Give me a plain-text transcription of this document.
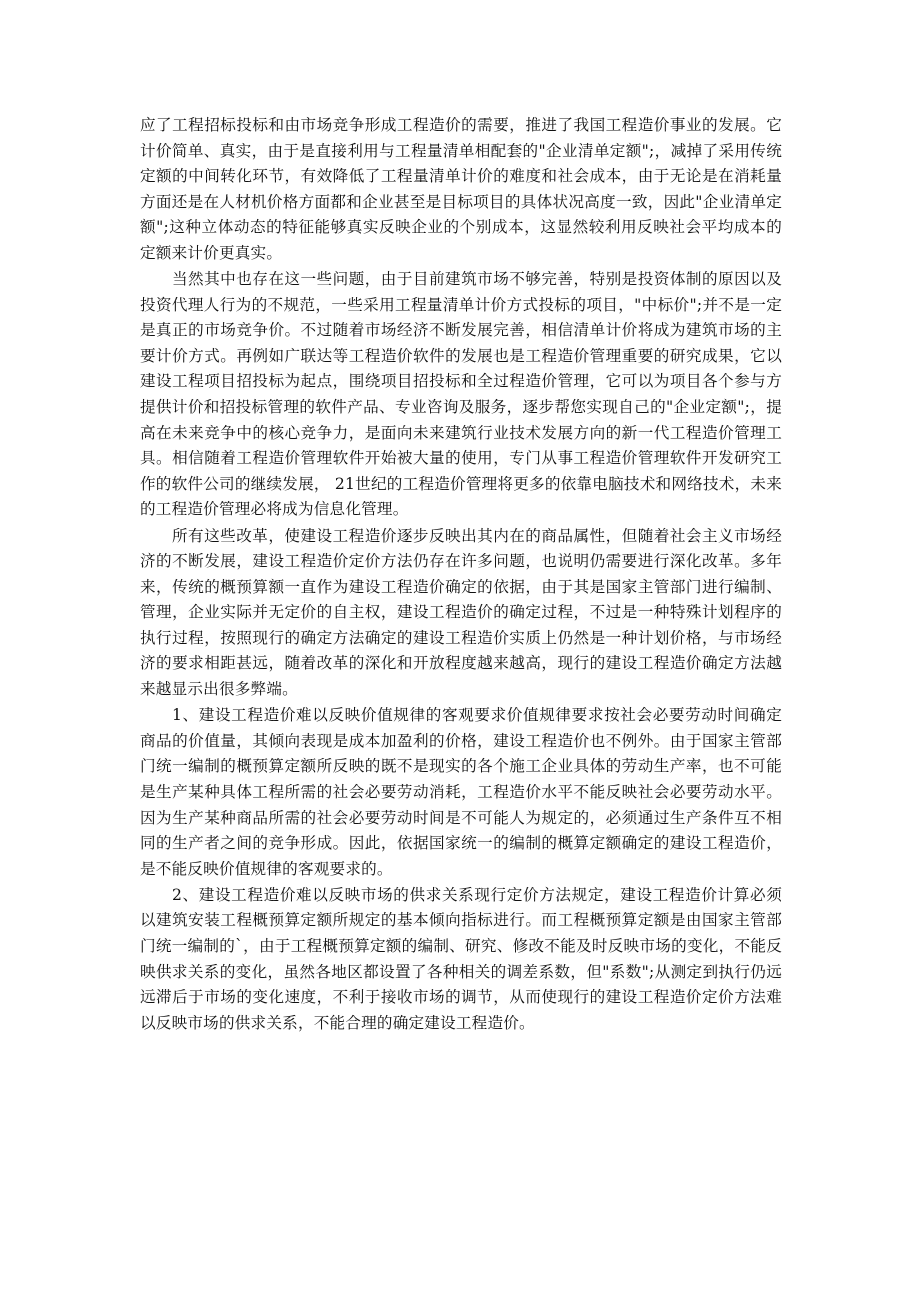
应了工程招标投标和由市场竞争形成工程造价的需要，推进了我国工程造价事业的发展。它计价简单、真实，由于是直接利用与工程量清单相配套的"企业清单定额";，减掉了采用传统定额的中间转化环节，有效降低了工程量清单计价的难度和社会成本，由于无论是在消耗量方面还是在人材机价格方面都和企业甚至是目标项目的具体状况高度一致，因此"企业清单定额";这种立体动态的特征能够真实反映企业的个别成本，这显然较利用反映社会平均成本的定额来计价更真实。

当然其中也存在这一些问题，由于目前建筑市场不够完善，特别是投资体制的原因以及投资代理人行为的不规范，一些采用工程量清单计价方式投标的项目，"中标价";并不是一定是真正的市场竞争价。不过随着市场经济不断发展完善，相信清单计价将成为建筑市场的主要计价方式。再例如广联达等工程造价软件的发展也是工程造价管理重要的研究成果，它以建设工程项目招投标为起点，围绕项目招投标和全过程造价管理，它可以为项目各个参与方提供计价和招投标管理的软件产品、专业咨询及服务，逐步帮您实现自己的"企业定额";，提高在未来竞争中的核心竞争力，是面向未来建筑行业技术发展方向的新一代工程造价管理工具。相信随着工程造价管理软件开始被大量的使用，专门从事工程造价管理软件开发研究工作的软件公司的继续发展， 21世纪的工程造价管理将更多的依靠电脑技术和网络技术，未来的工程造价管理必将成为信息化管理。

所有这些改革，使建设工程造价逐步反映出其内在的商品属性，但随着社会主义市场经济的不断发展，建设工程造价定价方法仍存在许多问题，也说明仍需要进行深化改革。多年来，传统的概预算额一直作为建设工程造价确定的依据，由于其是国家主管部门进行编制、管理，企业实际并无定价的自主权，建设工程造价的确定过程，不过是一种特殊计划程序的执行过程，按照现行的确定方法确定的建设工程造价实质上仍然是一种计划价格，与市场经济的要求相距甚远，随着改革的深化和开放程度越来越高，现行的建设工程造价确定方法越来越显示出很多弊端。

1、建设工程造价难以反映价值规律的客观要求价值规律要求按社会必要劳动时间确定商品的价值量，其倾向表现是成本加盈利的价格，建设工程造价也不例外。由于国家主管部门统一编制的概预算定额所反映的既不是现实的各个施工企业具体的劳动生产率，也不可能是生产某种具体工程所需的社会必要劳动消耗，工程造价水平不能反映社会必要劳动水平。因为生产某种商品所需的社会必要劳动时间是不可能人为规定的，必须通过生产条件互不相同的生产者之间的竞争形成。因此，依据国家统一的编制的概算定额确定的建设工程造价，是不能反映价值规律的客观要求的。

2、建设工程造价难以反映市场的供求关系现行定价方法规定，建设工程造价计算必须以建筑安装工程概预算定额所规定的基本倾向指标进行。而工程概预算定额是由国家主管部门统一编制的`，由于工程概预算定额的编制、研究、修改不能及时反映市场的变化，不能反映供求关系的变化，虽然各地区都设置了各种相关的调差系数，但"系数";从测定到执行仍远远滞后于市场的变化速度，不利于接收市场的调节，从而使现行的建设工程造价定价方法难以反映市场的供求关系，不能合理的确定建设工程造价。
